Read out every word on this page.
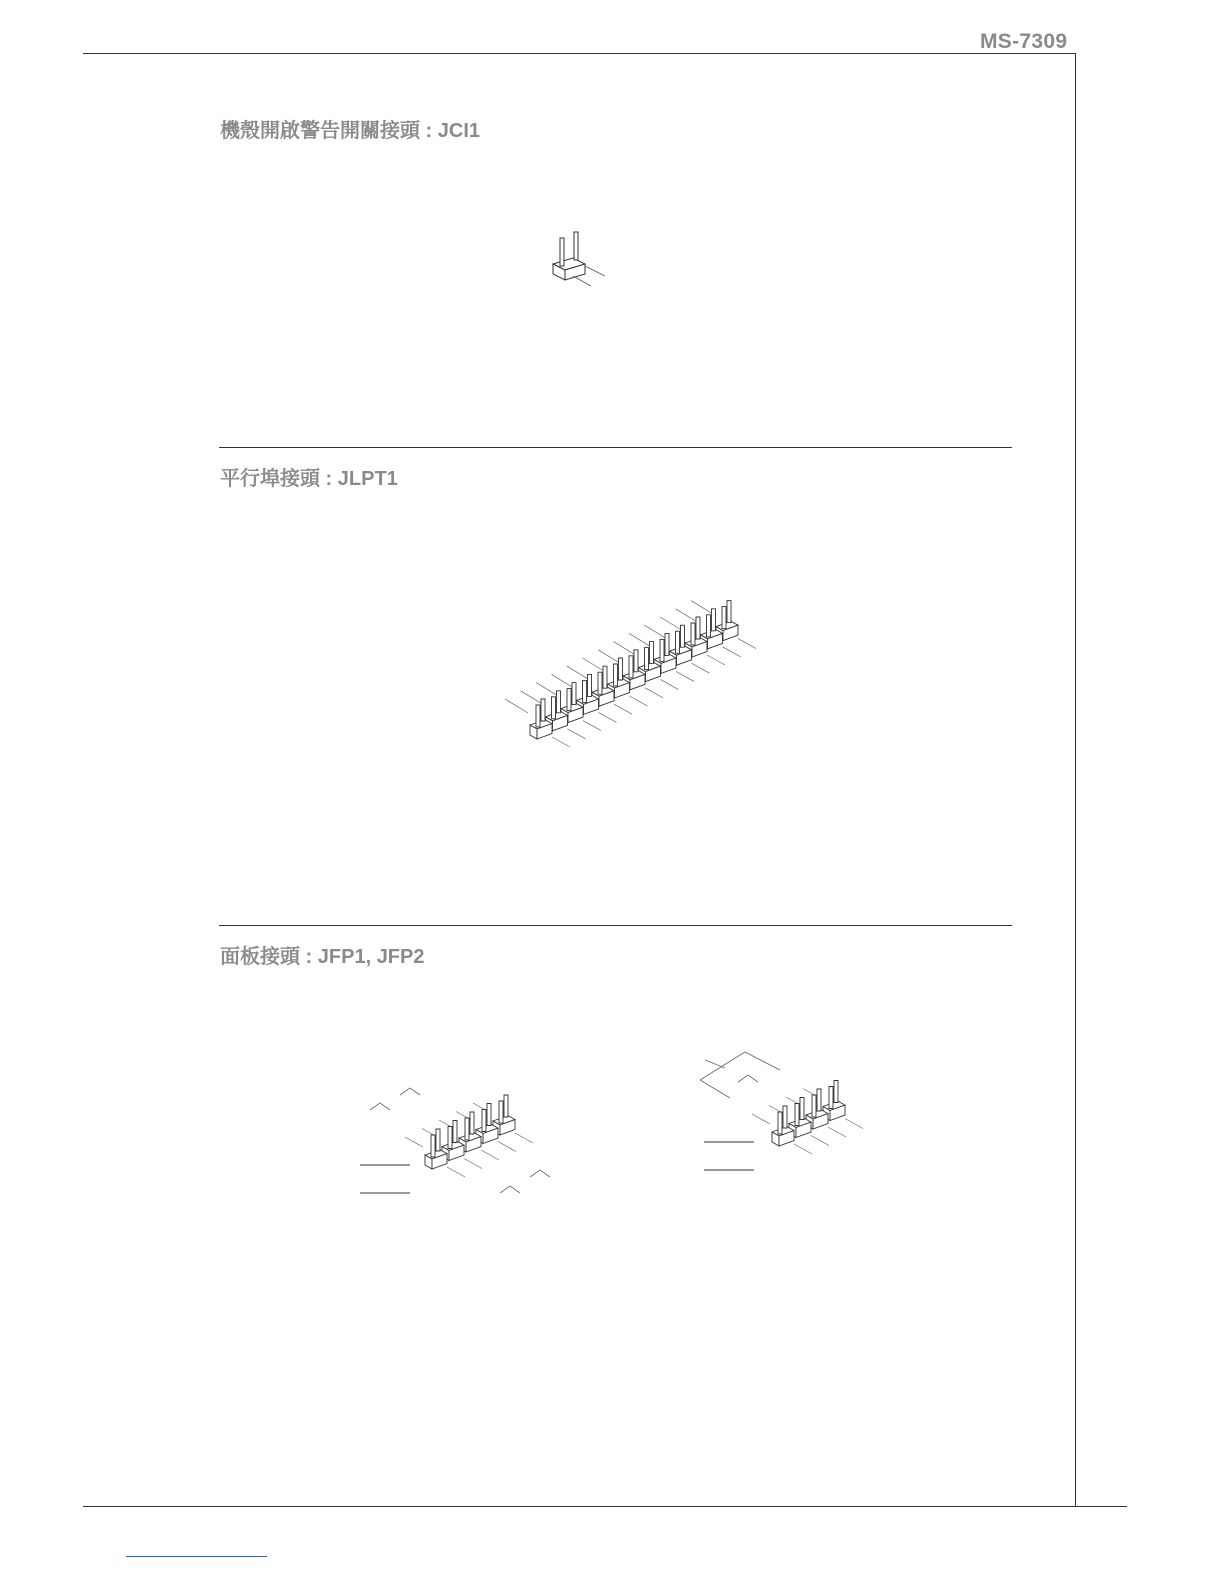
MS-7309
機殼開啟警告開關接頭 : JCI1
平行埠接頭 : JLPT1
面板接頭 : JFP1, JFP2
